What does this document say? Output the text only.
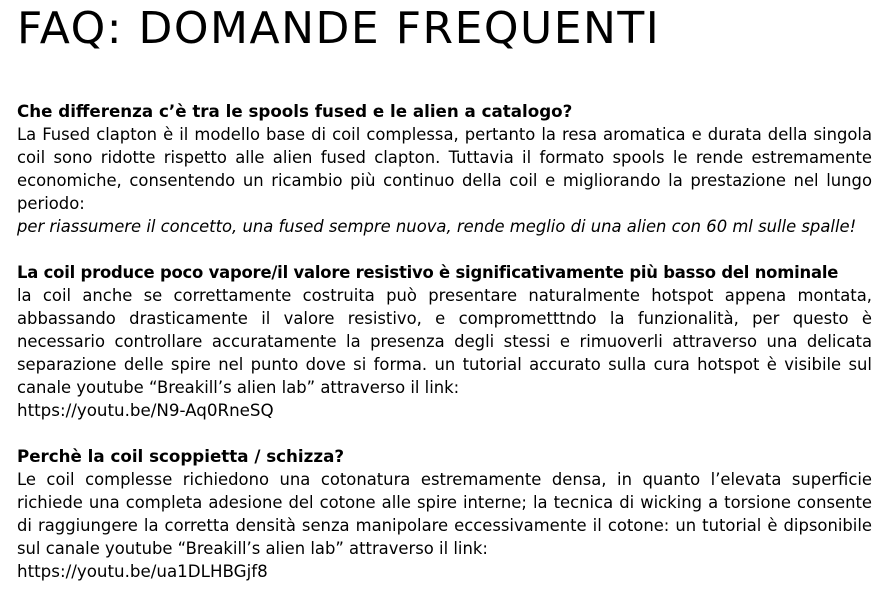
FAQ: DOMANDE FREQUENTI

Che differenza c’è tra le spools fused e le alien a catalogo?

La Fused clapton è il modello base di coil complessa, pertanto la resa aromatica e durata della singola coil sono ridotte rispetto alle alien fused clapton. Tuttavia il formato spools le rende estremamente economiche, consentendo un ricambio più continuo della coil e migliorando la prestazione nel lungo periodo:

per riassumere il concetto, una fused sempre nuova, rende meglio di una alien con 60 ml sulle spalle!

La coil produce poco vapore/il valore resistivo è significativamente più basso del nominale

la coil anche se correttamente costruita può presentare naturalmente hotspot appena montata, abbassando drasticamente il valore resistivo, e comprometttndo la funzionalità, per questo è necessario controllare accuratamente la presenza degli stessi e rimuoverli attraverso una delicata separazione delle spire nel punto dove si forma. un tutorial accurato sulla cura hotspot è visibile sul canale youtube “Breakill’s alien lab” attraverso il link:

https://youtu.be/N9-Aq0RneSQ

Perchè la coil scoppietta / schizza?

Le coil complesse richiedono una cotonatura estremamente densa, in quanto l’elevata superficie richiede una completa adesione del cotone alle spire interne; la tecnica di wicking a torsione consente di raggiungere la corretta densità senza manipolare eccessivamente il cotone: un tutorial è dipsonibile sul canale youtube “Breakill’s alien lab” attraverso il link:

https://youtu.be/ua1DLHBGjf8
